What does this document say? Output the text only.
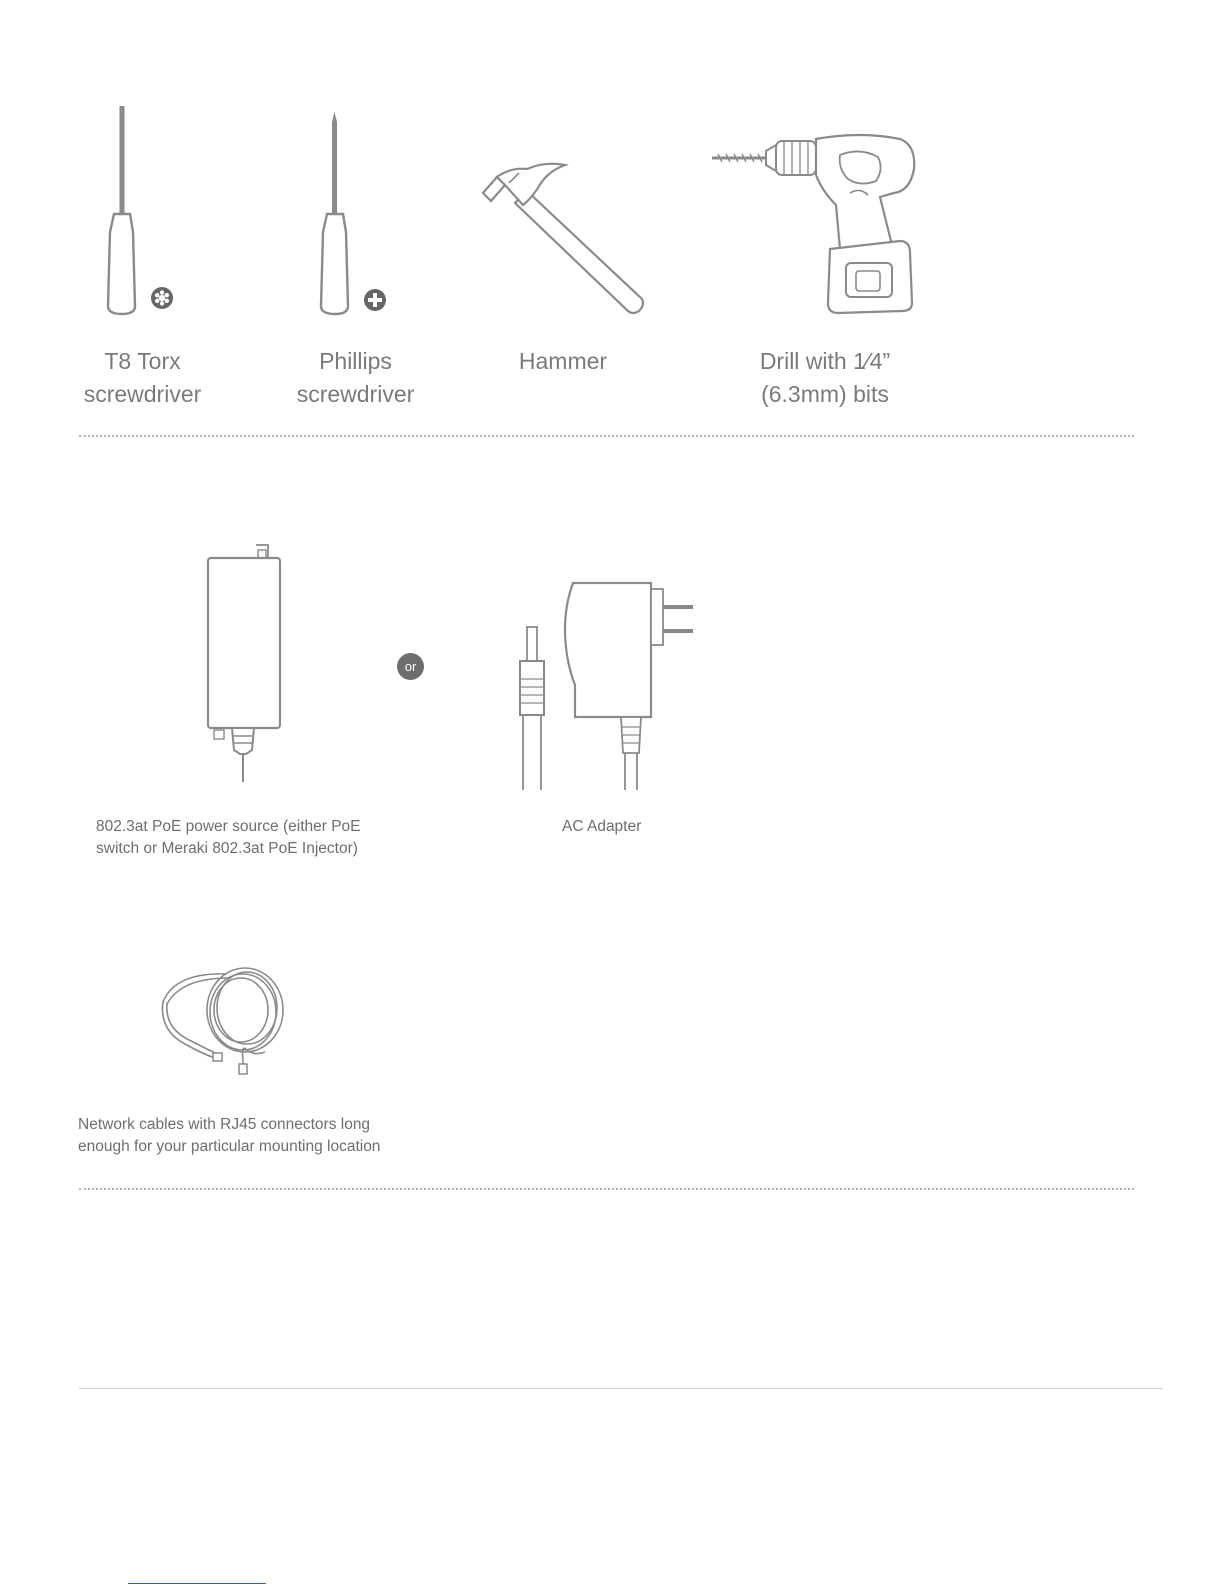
T8 Torx
screwdriver
Phillips
screwdriver
Hammer	Drill with 1⁄4”
(6.3mm) bits
or
802.3at PoE power source (either PoE
switch or Meraki 802.3at PoE Injector)
AC Adapter
Network cables with RJ45 connectors long
enough for your particular mounting location
